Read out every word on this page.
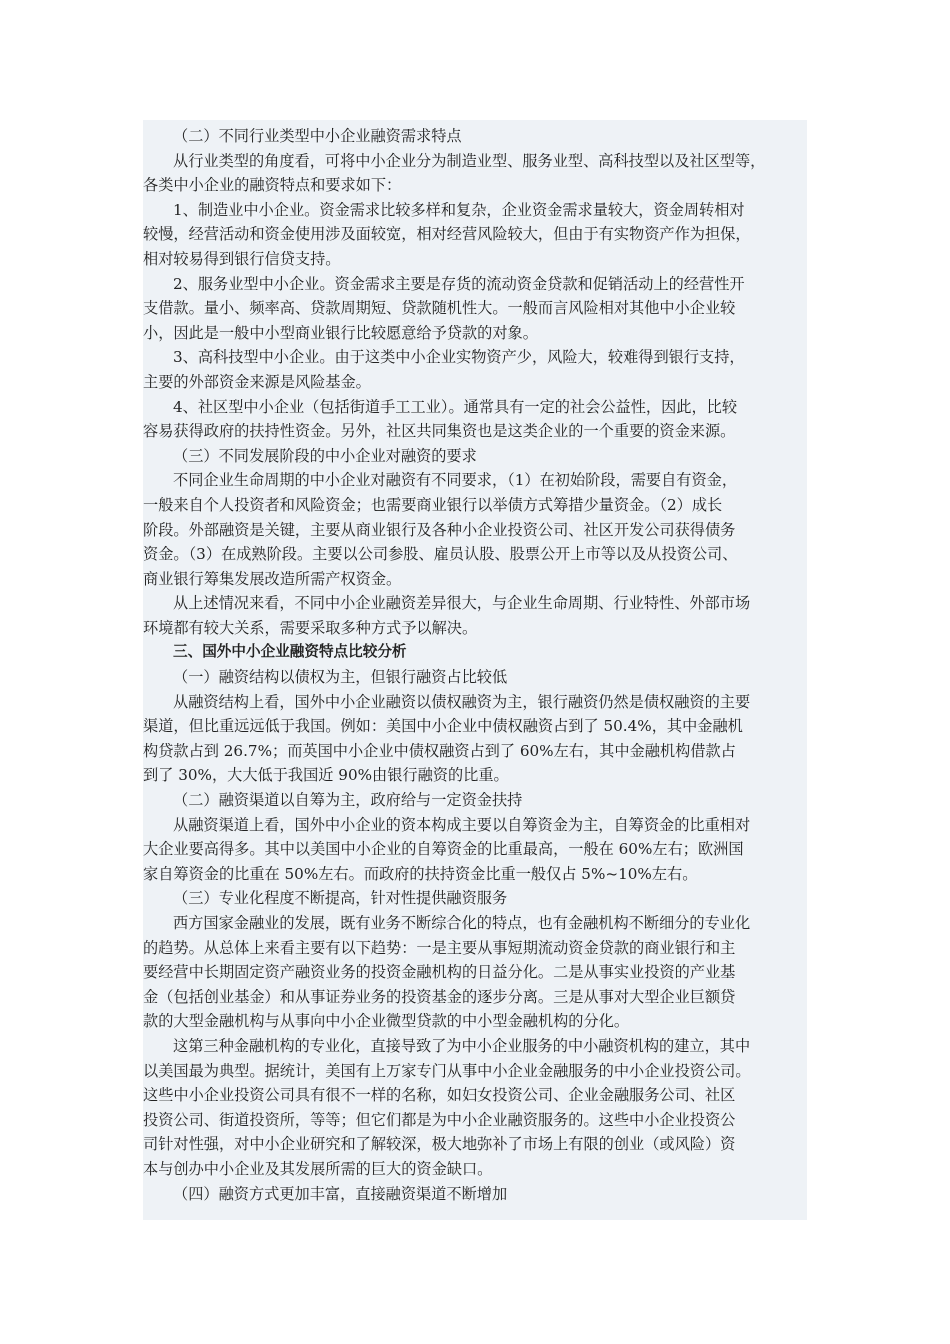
（二）不同行业类型中小企业融资需求特点

从行业类型的角度看，可将中小企业分为制造业型、服务业型、高科技型以及社区型等，

各类中小企业的融资特点和要求如下：

1、制造业中小企业。资金需求比较多样和复杂，企业资金需求量较大，资金周转相对

较慢，经营活动和资金使用涉及面较宽，相对经营风险较大，但由于有实物资产作为担保，

相对较易得到银行信贷支持。

2、服务业型中小企业。资金需求主要是存货的流动资金贷款和促销活动上的经营性开

支借款。量小、频率高、贷款周期短、贷款随机性大。一般而言风险相对其他中小企业较

小，因此是一般中小型商业银行比较愿意给予贷款的对象。

3、高科技型中小企业。由于这类中小企业实物资产少，风险大，较难得到银行支持，

主要的外部资金来源是风险基金。

4、社区型中小企业（包括街道手工工业）。通常具有一定的社会公益性，因此，比较

容易获得政府的扶持性资金。另外，社区共同集资也是这类企业的一个重要的资金来源。

（三）不同发展阶段的中小企业对融资的要求

不同企业生命周期的中小企业对融资有不同要求，（1）在初始阶段，需要自有资金，

一般来自个人投资者和风险资金；也需要商业银行以举债方式筹措少量资金。（2）成长

阶段。外部融资是关键，主要从商业银行及各种小企业投资公司、社区开发公司获得债务

资金。（3）在成熟阶段。主要以公司参股、雇员认股、股票公开上市等以及从投资公司、

商业银行筹集发展改造所需产权资金。

从上述情况来看，不同中小企业融资差异很大，与企业生命周期、行业特性、外部市场

环境都有较大关系，需要采取多种方式予以解决。

三、国外中小企业融资特点比较分析

（一）融资结构以债权为主，但银行融资占比较低

从融资结构上看，国外中小企业融资以债权融资为主，银行融资仍然是债权融资的主要

渠道，但比重远远低于我国。例如：美国中小企业中债权融资占到了 50.4%，其中金融机

构贷款占到 26.7%；而英国中小企业中债权融资占到了 60%左右，其中金融机构借款占

到了 30%，大大低于我国近 90%由银行融资的比重。

（二）融资渠道以自筹为主，政府给与一定资金扶持

从融资渠道上看，国外中小企业的资本构成主要以自筹资金为主，自筹资金的比重相对

大企业要高得多。其中以美国中小企业的自筹资金的比重最高，一般在 60%左右；欧洲国

家自筹资金的比重在 50%左右。而政府的扶持资金比重一般仅占 5%~10%左右。

（三）专业化程度不断提高，针对性提供融资服务

西方国家金融业的发展，既有业务不断综合化的特点，也有金融机构不断细分的专业化

的趋势。从总体上来看主要有以下趋势：一是主要从事短期流动资金贷款的商业银行和主

要经营中长期固定资产融资业务的投资金融机构的日益分化。二是从事实业投资的产业基

金（包括创业基金）和从事证券业务的投资基金的逐步分离。三是从事对大型企业巨额贷

款的大型金融机构与从事向中小企业微型贷款的中小型金融机构的分化。

这第三种金融机构的专业化，直接导致了为中小企业服务的中小融资机构的建立，其中

以美国最为典型。据统计，美国有上万家专门从事中小企业金融服务的中小企业投资公司。

这些中小企业投资公司具有很不一样的名称，如妇女投资公司、企业金融服务公司、社区

投资公司、街道投资所，等等；但它们都是为中小企业融资服务的。这些中小企业投资公

司针对性强，对中小企业研究和了解较深，极大地弥补了市场上有限的创业（或风险）资

本与创办中小企业及其发展所需的巨大的资金缺口。

（四）融资方式更加丰富，直接融资渠道不断增加
